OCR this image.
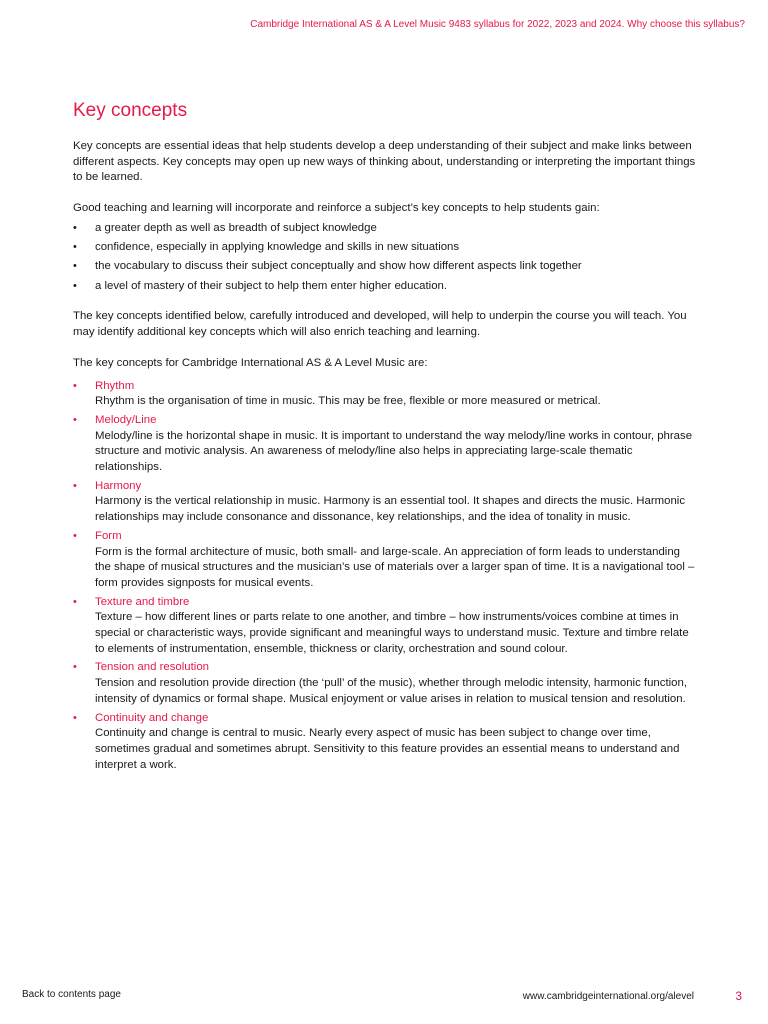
Cambridge International AS & A Level Music 9483 syllabus for 2022, 2023 and 2024. Why choose this syllabus?
Key concepts

Key concepts are essential ideas that help students develop a deep understanding of their subject and make links between different aspects. Key concepts may open up new ways of thinking about, understanding or interpreting the important things to be learned.

Good teaching and learning will incorporate and reinforce a subject’s key concepts to help students gain:

• a greater depth as well as breadth of subject knowledge
• confidence, especially in applying knowledge and skills in new situations
• the vocabulary to discuss their subject conceptually and show how different aspects link together
• a level of mastery of their subject to help them enter higher education.

The key concepts identified below, carefully introduced and developed, will help to underpin the course you will teach. You may identify additional key concepts which will also enrich teaching and learning.

The key concepts for Cambridge International AS & A Level Music are:

• Rhythm
Rhythm is the organisation of time in music. This may be free, flexible or more measured or metrical.
• Melody/Line
Melody/line is the horizontal shape in music. It is important to understand the way melody/line works in contour, phrase structure and motivic analysis. An awareness of melody/line also helps in appreciating large-scale thematic relationships.
• Harmony
Harmony is the vertical relationship in music. Harmony is an essential tool. It shapes and directs the music. Harmonic relationships may include consonance and dissonance, key relationships, and the idea of tonality in music.
• Form
Form is the formal architecture of music, both small- and large-scale. An appreciation of form leads to understanding the shape of musical structures and the musician’s use of materials over a larger span of time. It is a navigational tool – form provides signposts for musical events.
• Texture and timbre
Texture – how different lines or parts relate to one another, and timbre – how instruments/voices combine at times in special or characteristic ways, provide significant and meaningful ways to understand music. Texture and timbre relate to elements of instrumentation, ensemble, thickness or clarity, orchestration and sound colour.
• Tension and resolution
Tension and resolution provide direction (the ‘pull’ of the music), whether through melodic intensity, harmonic function, intensity of dynamics or formal shape. Musical enjoyment or value arises in relation to musical tension and resolution.
• Continuity and change
Continuity and change is central to music. Nearly every aspect of music has been subject to change over time, sometimes gradual and sometimes abrupt. Sensitivity to this feature provides an essential means to understand and interpret a work.
Back to contents page	www.cambridgeinternational.org/alevel	3
